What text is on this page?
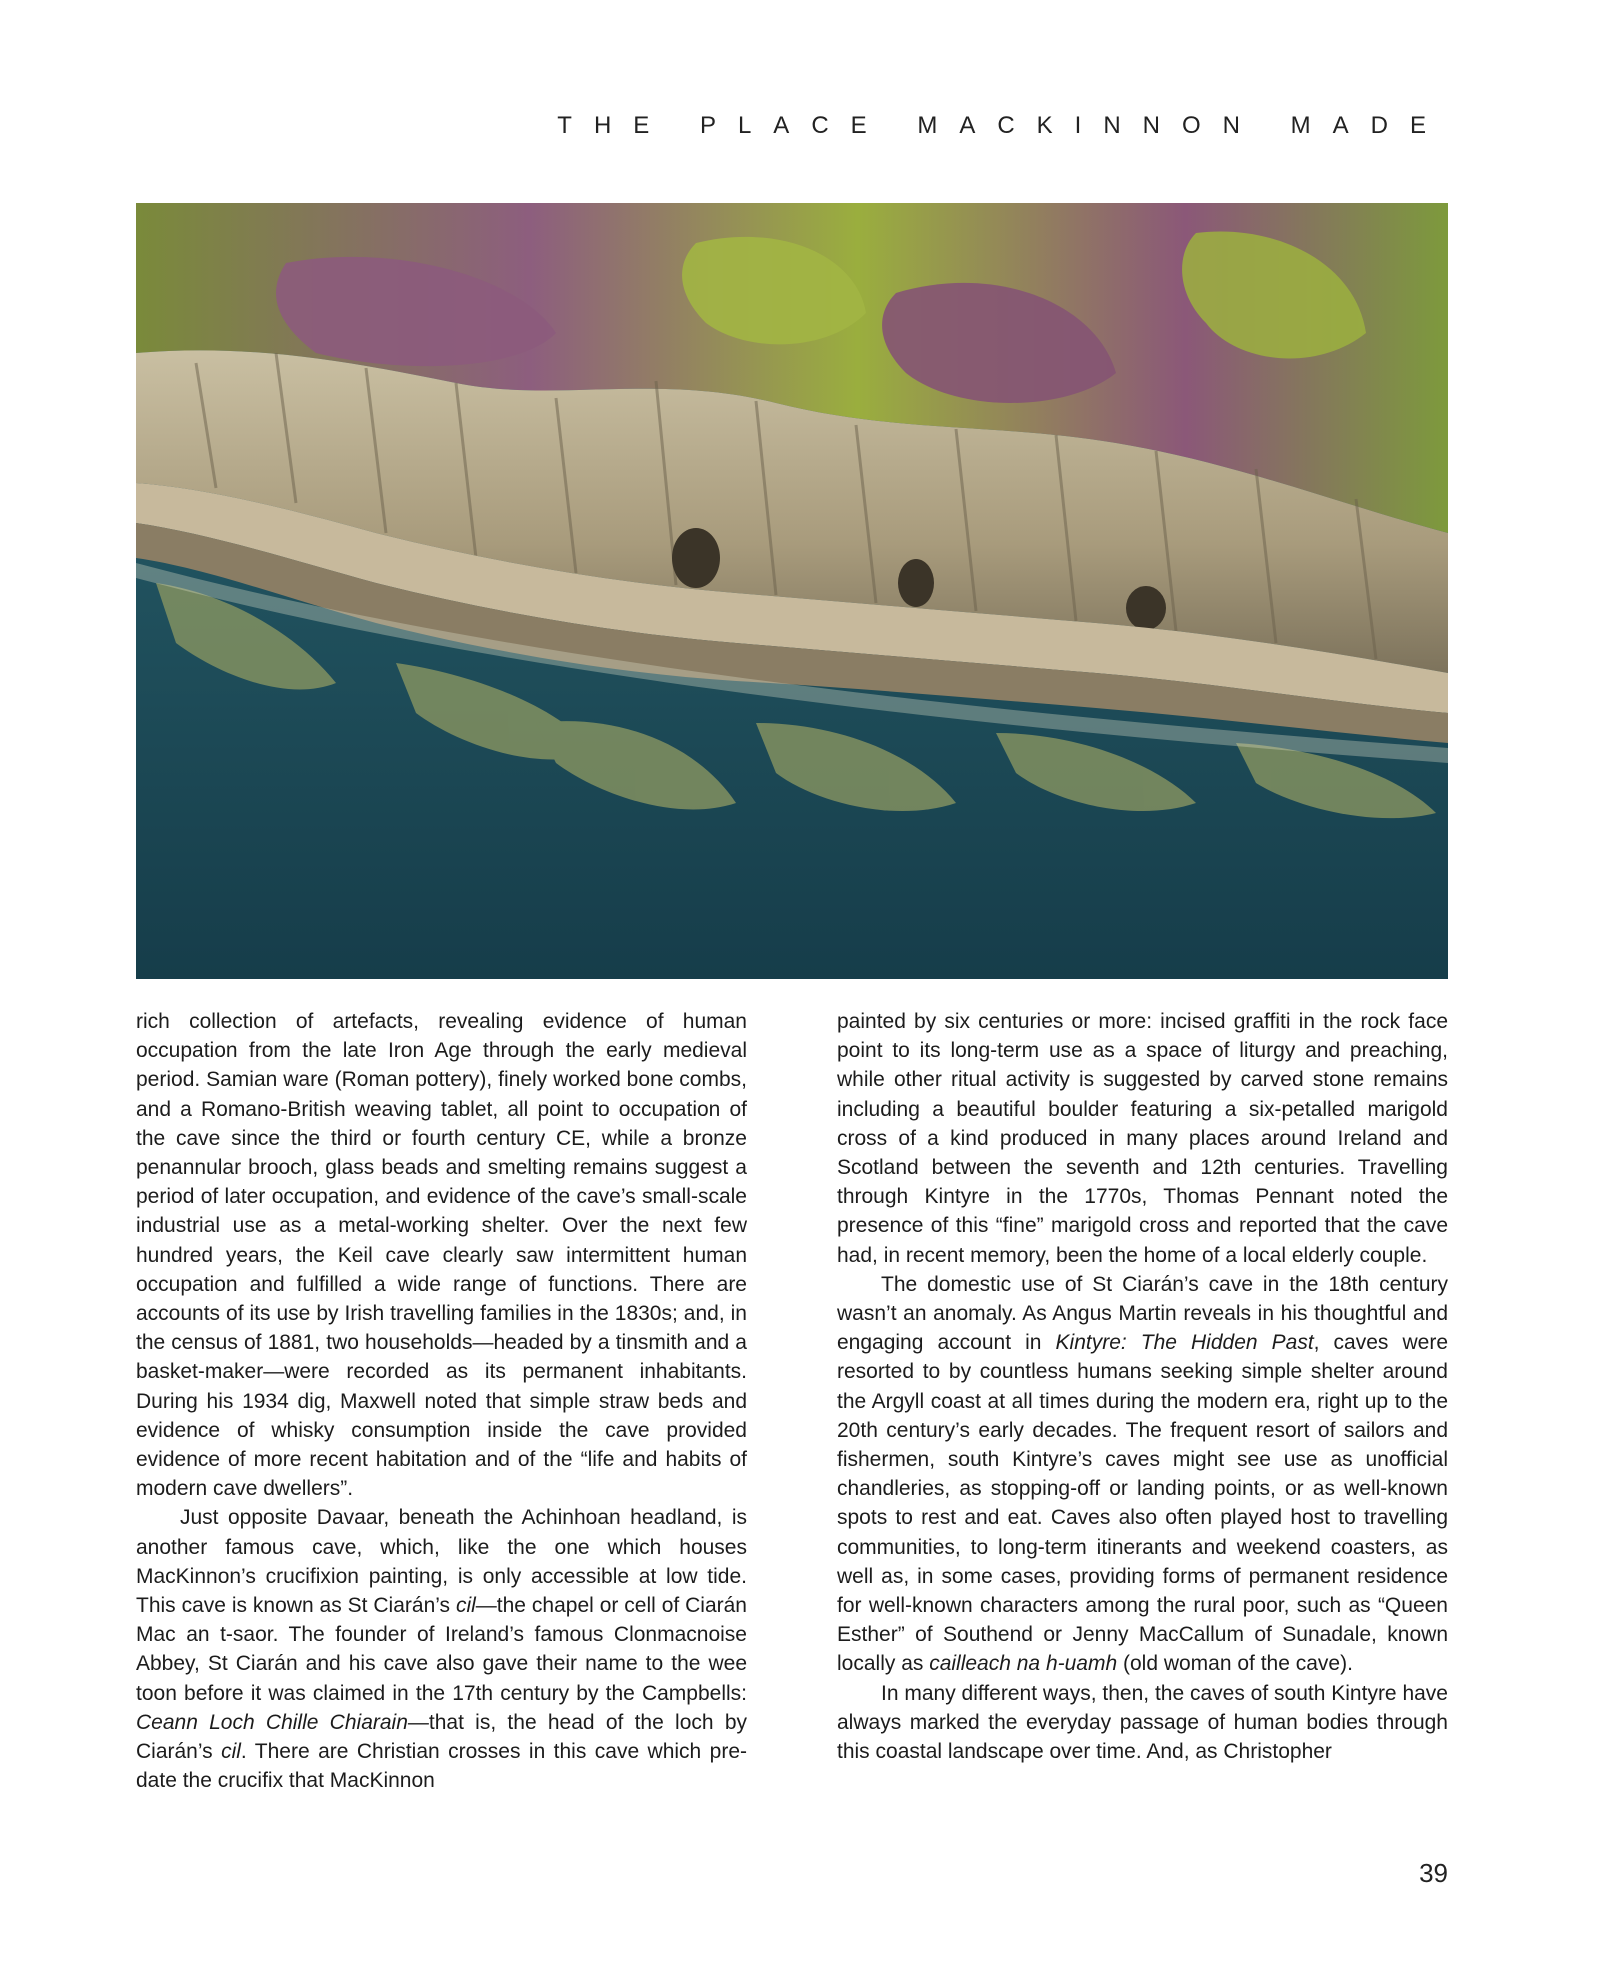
THE PLACE MACKINNON MADE

rich collection of artefacts, revealing evidence of human occupation from the late Iron Age through the early medieval period. Samian ware (Roman pottery), finely worked bone combs, and a Romano-British weaving tablet, all point to occupation of the cave since the third or fourth century CE, while a bronze penannular brooch, glass beads and smelting remains suggest a period of later occupation, and evidence of the cave’s small-scale industrial use as a metal-working shelter. Over the next few hundred years, the Keil cave clearly saw intermittent human occupation and fulfilled a wide range of functions. There are accounts of its use by Irish travelling families in the 1830s; and, in the census of 1881, two households—headed by a tinsmith and a basket-maker—were recorded as its permanent inhabitants. During his 1934 dig, Maxwell noted that simple straw beds and evidence of whisky consumption inside the cave provided evidence of more recent habitation and of the “life and habits of modern cave dwellers”.

Just opposite Davaar, beneath the Achinhoan headland, is another famous cave, which, like the one which houses MacKinnon’s crucifixion painting, is only accessible at low tide. This cave is known as St Ciarán’s cil—the chapel or cell of Ciarán Mac an t-saor. The founder of Ireland’s famous Clonmacnoise Abbey, St Ciarán and his cave also gave their name to the wee toon before it was claimed in the 17th century by the Campbells: Ceann Loch Chille Chiarain—that is, the head of the loch by Ciarán’s cil. There are Christian crosses in this cave which pre-date the crucifix that MacKinnon

painted by six centuries or more: incised graffiti in the rock face point to its long-term use as a space of liturgy and preaching, while other ritual activity is suggested by carved stone remains including a beautiful boulder featuring a six-petalled marigold cross of a kind produced in many places around Ireland and Scotland between the seventh and 12th centuries. Travelling through Kintyre in the 1770s, Thomas Pennant noted the presence of this “fine” marigold cross and reported that the cave had, in recent memory, been the home of a local elderly couple.

The domestic use of St Ciarán’s cave in the 18th century wasn’t an anomaly. As Angus Martin reveals in his thoughtful and engaging account in Kintyre: The Hidden Past, caves were resorted to by countless humans seeking simple shelter around the Argyll coast at all times during the modern era, right up to the 20th century’s early decades. The frequent resort of sailors and fishermen, south Kintyre’s caves might see use as unofficial chandleries, as stopping-off or landing points, or as well-known spots to rest and eat. Caves also often played host to travelling communities, to long-term itinerants and weekend coasters, as well as, in some cases, providing forms of permanent residence for well-known characters among the rural poor, such as “Queen Esther” of Southend or Jenny MacCallum of Sunadale, known locally as cailleach na h-uamh (old woman of the cave).

In many different ways, then, the caves of south Kintyre have always marked the everyday passage of human bodies through this coastal landscape over time. And, as Christopher

39
